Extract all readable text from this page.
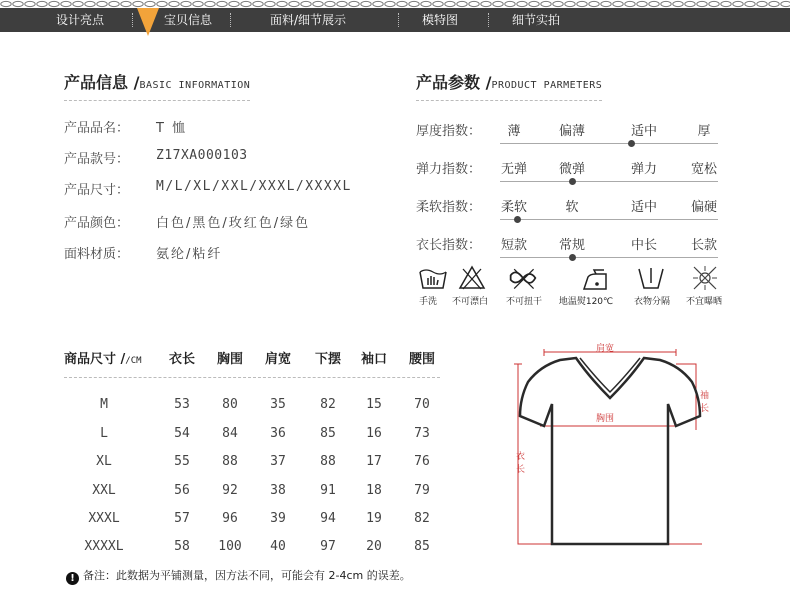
设计亮点	宝贝信息	面料/细节展示	模特图	细节实拍
产品信息 /BASIC INFORMATION
产品品名： T 恤
产品款号： Z17XA000103
产品尺寸： M/L/XL/XXL/XXXL/XXXXL
产品颜色： 白色/黑色/玫红色/绿色
面料材质： 氨纶/粘纤
产品参数 /PRODUCT PARMETERS
厚度指数：	薄	偏薄	适中	厚
弹力指数：	无弹	微弹	弹力	宽松
柔软指数：	柔软	软	适中	偏硬
衣长指数：	短款	常规	中长	长款
手洗	不可漂白	不可扭干	地温熨120℃	衣物分隔	不宜曝晒
商品尺寸 //CM	衣长	胸围	肩宽	下摆	袖口	腰围
M	53	80	35	82	15	70
L	54	84	36	85	16	73
XL	55	88	37	88	17	76
XXL	56	92	38	91	18	79
XXXL	57	96	39	94	19	82
XXXXL	58	100	40	97	20	85
肩宽
袖
长
胸围
衣
长
! 备注：此数据为平铺测量，因方法不同，可能会有 2-4cm 的误差。
